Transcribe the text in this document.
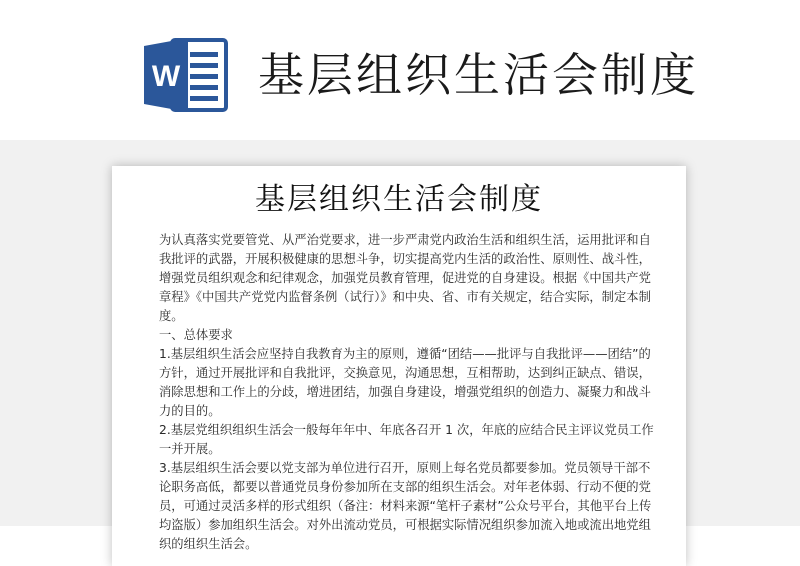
W 基层组织生活会制度
基层组织生活会制度
为认真落实党要管党、从严治党要求，进一步严肃党内政治生活和组织生活，运用批评和自
我批评的武器，开展积极健康的思想斗争，切实提高党内生活的政治性、原则性、战斗性，
增强党员组织观念和纪律观念，加强党员教育管理，促进党的自身建设。根据《中国共产党
章程》《中国共产党党内监督条例（试行）》和中央、省、市有关规定，结合实际，制定本制
度。
一、总体要求
1.基层组织生活会应坚持自我教育为主的原则，遵循“团结——批评与自我批评——团结”的
方针，通过开展批评和自我批评，交换意见，沟通思想，互相帮助，达到纠正缺点、错误，
消除思想和工作上的分歧，增进团结，加强自身建设，增强党组织的创造力、凝聚力和战斗
力的目的。
2.基层党组织组织生活会一般每年年中、年底各召开 1 次，年底的应结合民主评议党员工作
一并开展。
3.基层组织生活会要以党支部为单位进行召开，原则上每名党员都要参加。党员领导干部不
论职务高低，都要以普通党员身份参加所在支部的组织生活会。对年老体弱、行动不便的党
员，可通过灵活多样的形式组织（备注：材料来源“笔杆子素材”公众号平台，其他平台上传
均盗版）参加组织生活会。对外出流动党员，可根据实际情况组织参加流入地或流出地党组
织的组织生活会。
